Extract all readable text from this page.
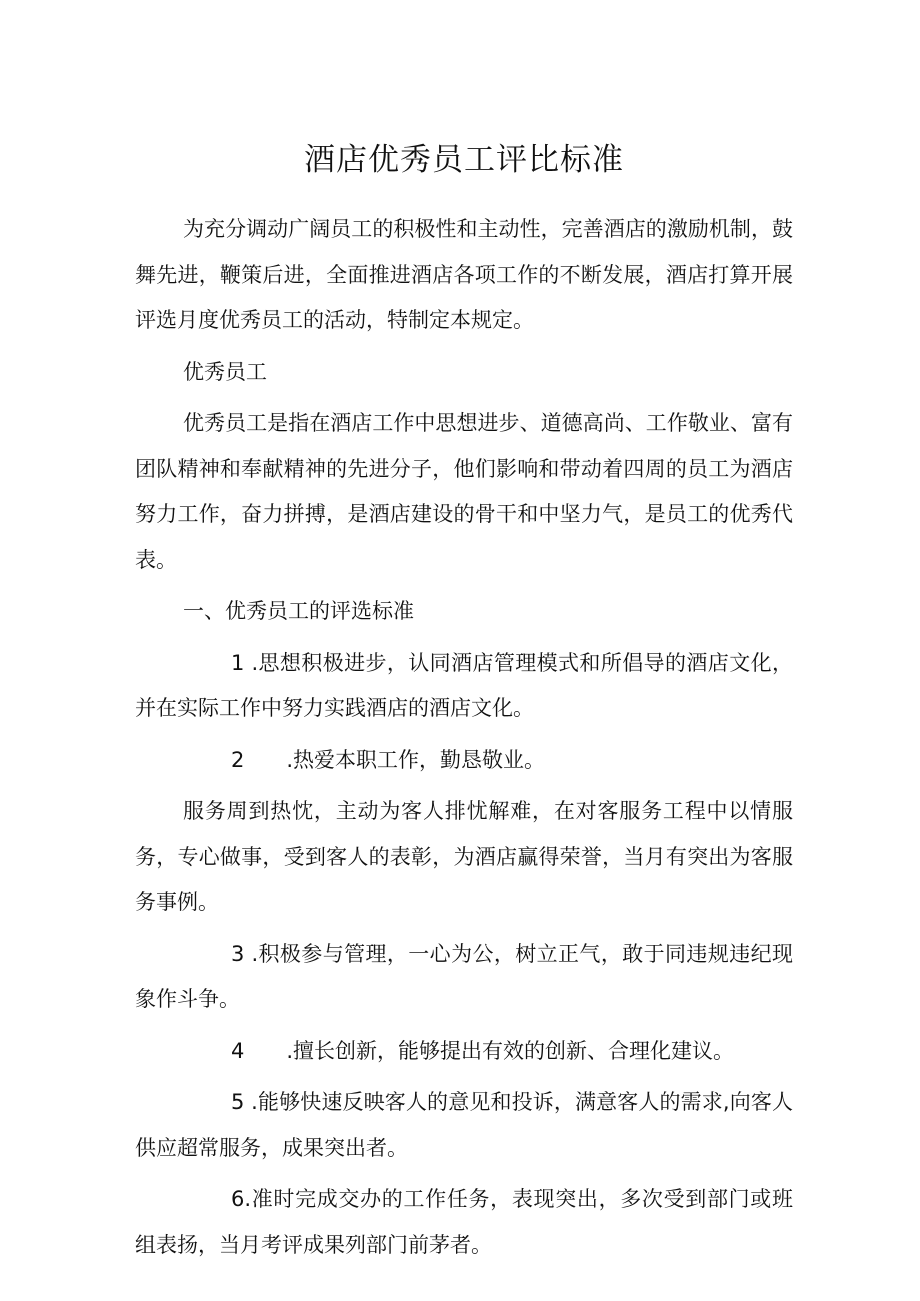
酒店优秀员工评比标准

为充分调动广阔员工的积极性和主动性，完善酒店的激励机制，鼓舞先进，鞭策后进，全面推进酒店各项工作的不断发展，酒店打算开展评选月度优秀员工的活动，特制定本规定。

优秀员工

优秀员工是指在酒店工作中思想进步、道德高尚、工作敬业、富有团队精神和奉献精神的先进分子，他们影响和带动着四周的员工为酒店努力工作，奋力拼搏，是酒店建设的骨干和中坚力气，是员工的优秀代表。

一、优秀员工的评选标准

1 .思想积极进步，认同酒店管理模式和所倡导的酒店文化，并在实际工作中努力实践酒店的酒店文化。

2 .热爱本职工作，勤恳敬业。

服务周到热忱，主动为客人排忧解难，在对客服务工程中以情服务，专心做事，受到客人的表彰，为酒店赢得荣誉，当月有突出为客服务事例。

3 .积极参与管理，一心为公，树立正气，敢于同违规违纪现象作斗争。

4 .擅长创新，能够提出有效的创新、合理化建议。

5 .能够快速反映客人的意见和投诉，满意客人的需求,向客人供应超常服务，成果突出者。

6.准时完成交办的工作任务，表现突出，多次受到部门或班组表扬，当月考评成果列部门前茅者。
